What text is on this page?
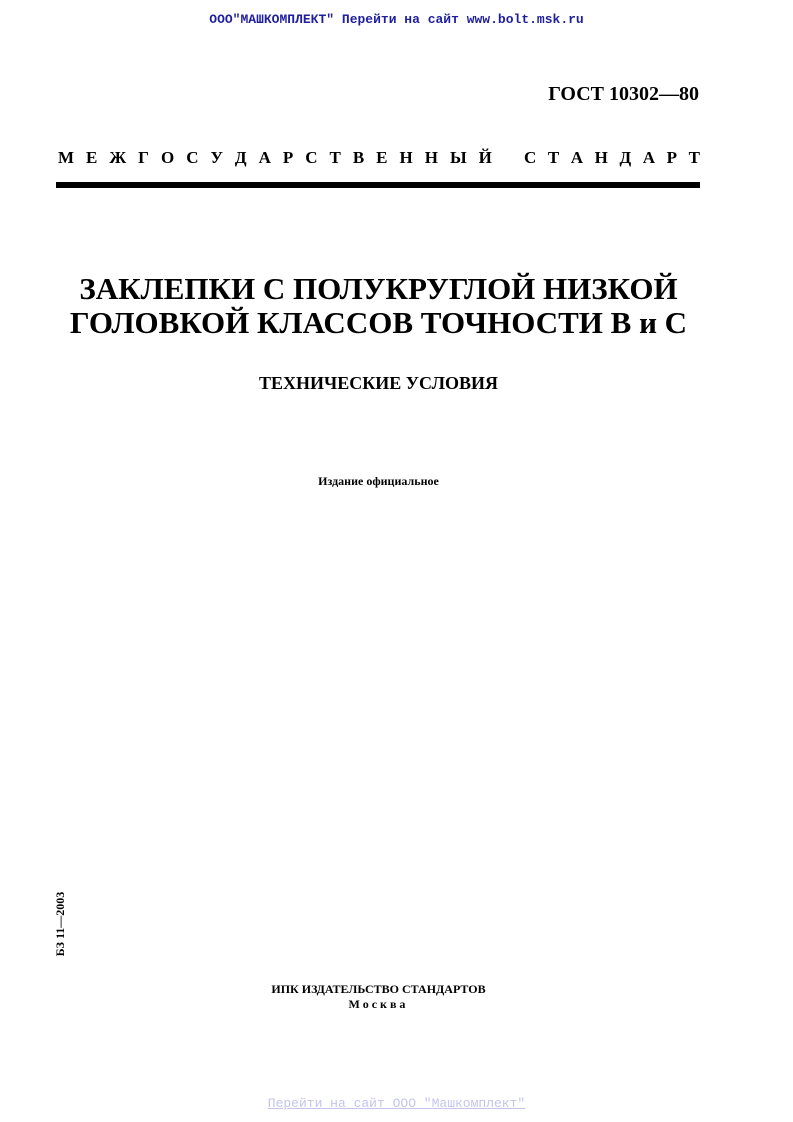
ООО"МАШКОМПЛЕКТ" Перейти на сайт www.bolt.msk.ru
ГОСТ 10302—80
М Е Ж Г О С У Д А Р С Т В Е Н Н Ы Й С Т А Н Д А Р Т
ЗАКЛЕПКИ С ПОЛУКРУГЛОЙ НИЗКОЙ
ГОЛОВКОЙ КЛАССОВ ТОЧНОСТИ В и С
ТЕХНИЧЕСКИЕ УСЛОВИЯ
Издание официальное
БЗ 11—2003
ИПК ИЗДАТЕЛЬСТВО СТАНДАРТОВ
Москва
Перейти на сайт ООО "Машкомплект"
